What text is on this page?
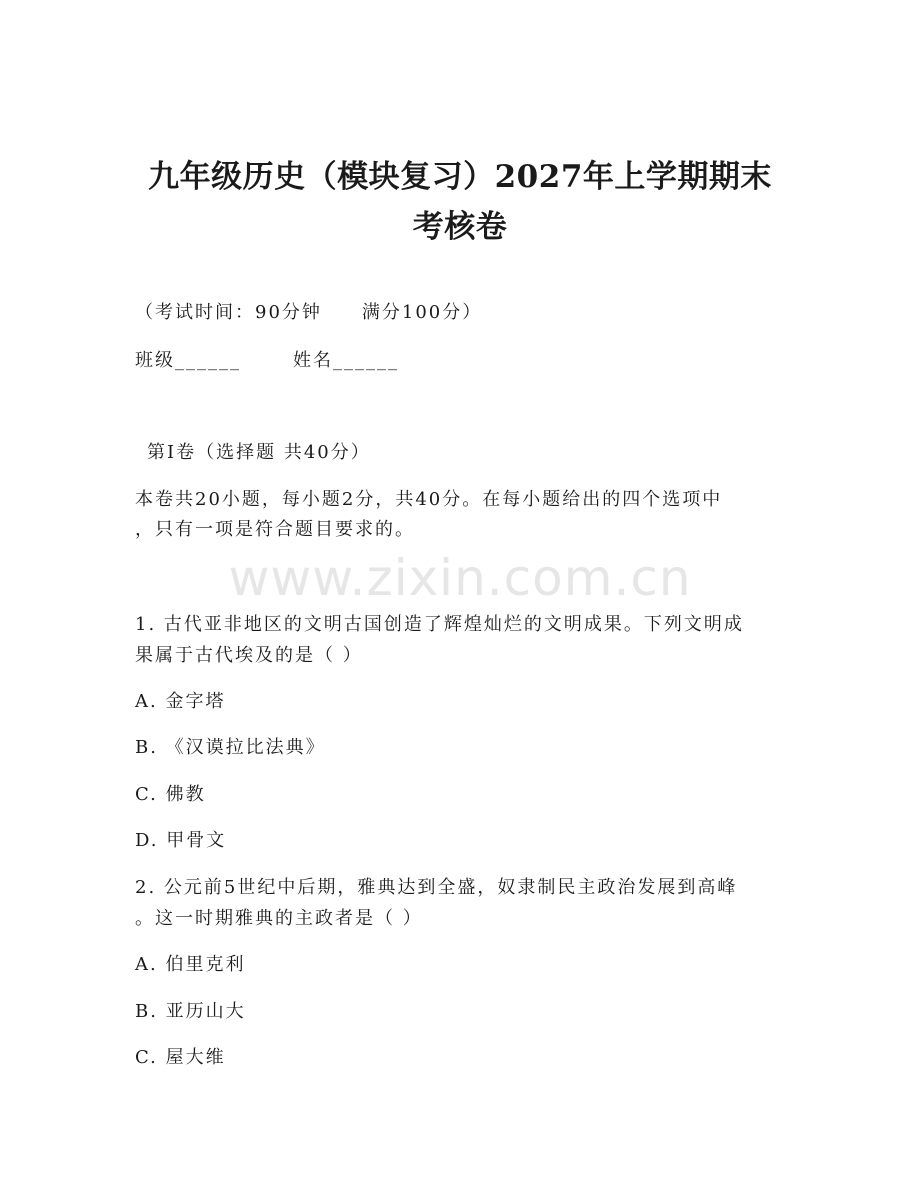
九年级历史（模块复习）2027年上学期期末
考核卷
（考试时间：90分钟 满分100分）
班级______	姓名______
第Ⅰ卷（选择题 共40分）
本卷共20小题，每小题2分，共40分。在每小题给出的四个选项中
，只有一项是符合题目要求的。
www.zixin.com.cn
1. 古代亚非地区的文明古国创造了辉煌灿烂的文明成果。下列文明成
果属于古代埃及的是（ ）
A. 金字塔
B. 《汉谟拉比法典》
C. 佛教
D. 甲骨文
2. 公元前5世纪中后期，雅典达到全盛，奴隶制民主政治发展到高峰
。这一时期雅典的主政者是（ ）
A. 伯里克利
B. 亚历山大
C. 屋大维
